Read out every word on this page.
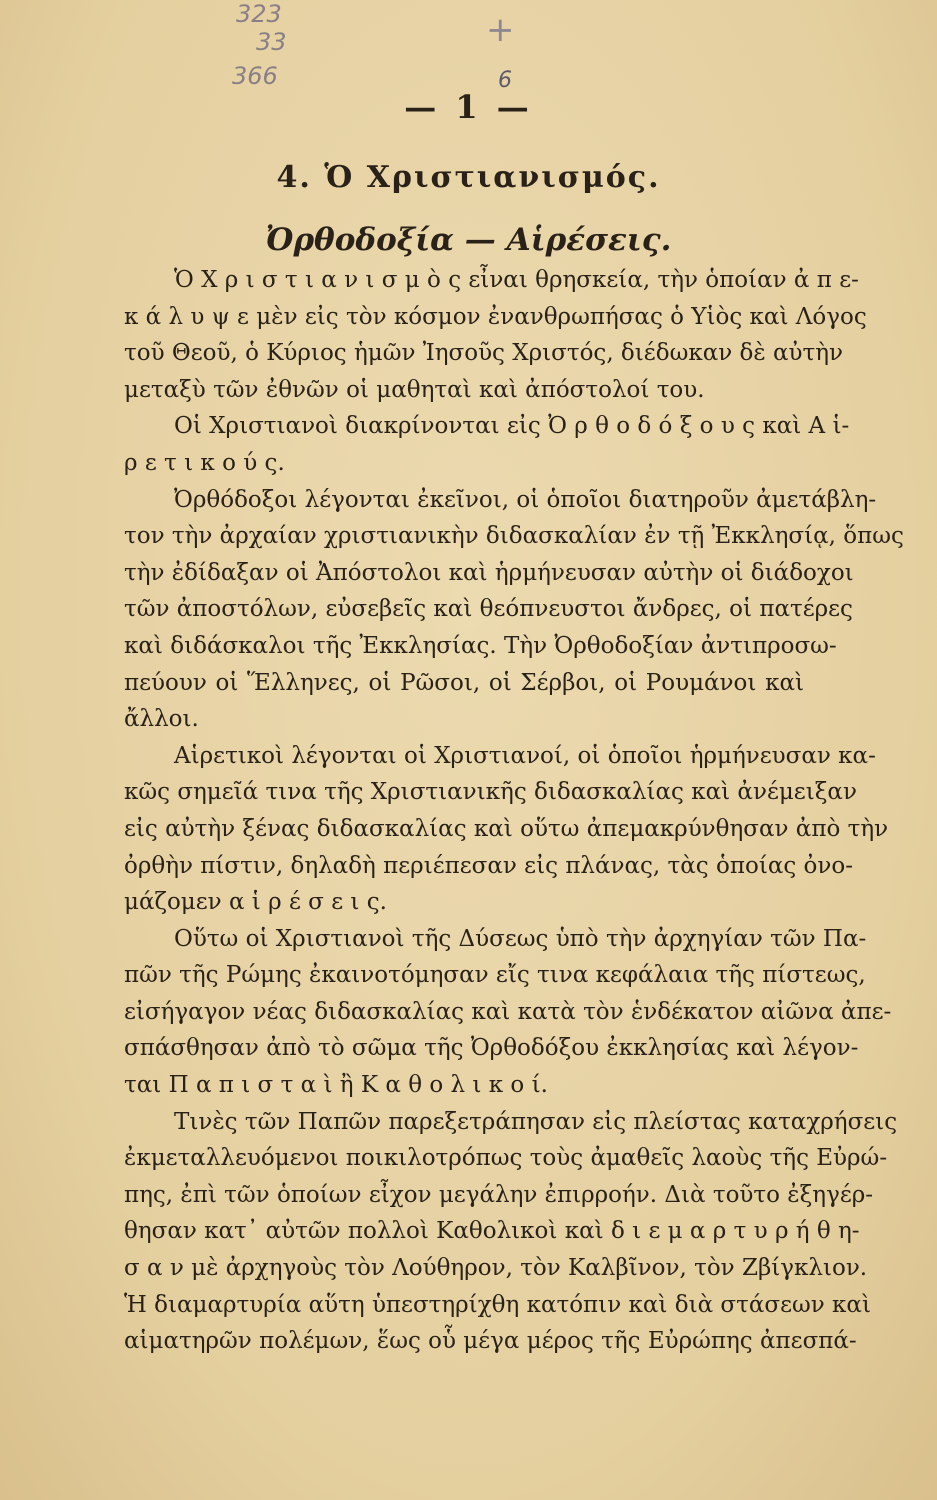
323
33
366
+
6
— 1 —
4. Ὁ Χριστιανισμός.
Ὀρθοδοξία — Αἱρέσεις.
Ὁ Χ ρ ι σ τ ι α ν ι σ μ ὸ ς εἶναι θρησκεία, τὴν ὁποίαν ἀ π ε-
κ ά λ υ ψ ε μὲν εἰς τὸν κόσμον ἐνανθρωπήσας ὁ Υἱὸς καὶ Λόγος
τοῦ Θεοῦ, ὁ Κύριος ἡμῶν Ἰησοῦς Χριστός, διέδωκαν δὲ αὐτὴν
μεταξὺ τῶν ἐθνῶν οἱ μαθηταὶ καὶ ἀπόστολοί του.
Οἱ Χριστιανοὶ διακρίνονται εἰς Ὀ ρ θ ο δ ό ξ ο υ ς καὶ Α ἱ-
ρ ε τ ι κ ο ύ ς.
Ὀρθόδοξοι λέγονται ἐκεῖνοι, οἱ ὁποῖοι διατηροῦν ἀμετάβλη-
τον τὴν ἀρχαίαν χριστιανικὴν διδασκαλίαν ἐν τῇ Ἐκκλησίᾳ, ὅπως
τὴν ἐδίδαξαν οἱ Ἀπόστολοι καὶ ἡρμήνευσαν αὐτὴν οἱ διάδοχοι
τῶν ἀποστόλων, εὐσεβεῖς καὶ θεόπνευστοι ἄνδρες, οἱ πατέρες
καὶ διδάσκαλοι τῆς Ἐκκλησίας. Τὴν Ὀρθοδοξίαν ἀντιπροσω-
πεύουν οἱ Ἕλληνες, οἱ Ρῶσοι, οἱ Σέρβοι, οἱ Ρουμάνοι καὶ
ἄλλοι.
Αἱρετικοὶ λέγονται οἱ Χριστιανοί, οἱ ὁποῖοι ἡρμήνευσαν κα-
κῶς σημεῖά τινα τῆς Χριστιανικῆς διδασκαλίας καὶ ἀνέμειξαν
εἰς αὐτὴν ξένας διδασκαλίας καὶ οὕτω ἀπεμακρύνθησαν ἀπὸ τὴν
ὀρθὴν πίστιν, δηλαδὴ περιέπεσαν εἰς πλάνας, τὰς ὁποίας ὀνο-
μάζομεν α ἱ ρ έ σ ε ι ς.
Οὕτω οἱ Χριστιανοὶ τῆς Δύσεως ὑπὸ τὴν ἀρχηγίαν τῶν Πα-
πῶν τῆς Ρώμης ἐκαινοτόμησαν εἴς τινα κεφάλαια τῆς πίστεως,
εἰσήγαγον νέας διδασκαλίας καὶ κατὰ τὸν ἑνδέκατον αἰῶνα ἀπε-
σπάσθησαν ἀπὸ τὸ σῶμα τῆς Ὀρθοδόξου ἐκκλησίας καὶ λέγον-
ται Π α π ι σ τ α ὶ ἢ Κ α θ ο λ ι κ ο ί.
Τινὲς τῶν Παπῶν παρεξετράπησαν εἰς πλείστας καταχρήσεις
ἐκμεταλλευόμενοι ποικιλοτρόπως τοὺς ἀμαθεῖς λαοὺς τῆς Εὐρώ-
πης, ἐπὶ τῶν ὁποίων εἶχον μεγάλην ἐπιρροήν. Διὰ τοῦτο ἐξηγέρ-
θησαν κατ᾿ αὐτῶν πολλοὶ Καθολικοὶ καὶ δ ι ε μ α ρ τ υ ρ ή θ η-
σ α ν μὲ ἀρχηγοὺς τὸν Λούθηρον, τὸν Καλβῖνον, τὸν Ζβίγκλιον.
Ἡ διαμαρτυρία αὕτη ὑπεστηρίχθη κατόπιν καὶ διὰ στάσεων καὶ
αἱματηρῶν πολέμων, ἕως οὗ μέγα μέρος τῆς Εὐρώπης ἀπεσπά-
